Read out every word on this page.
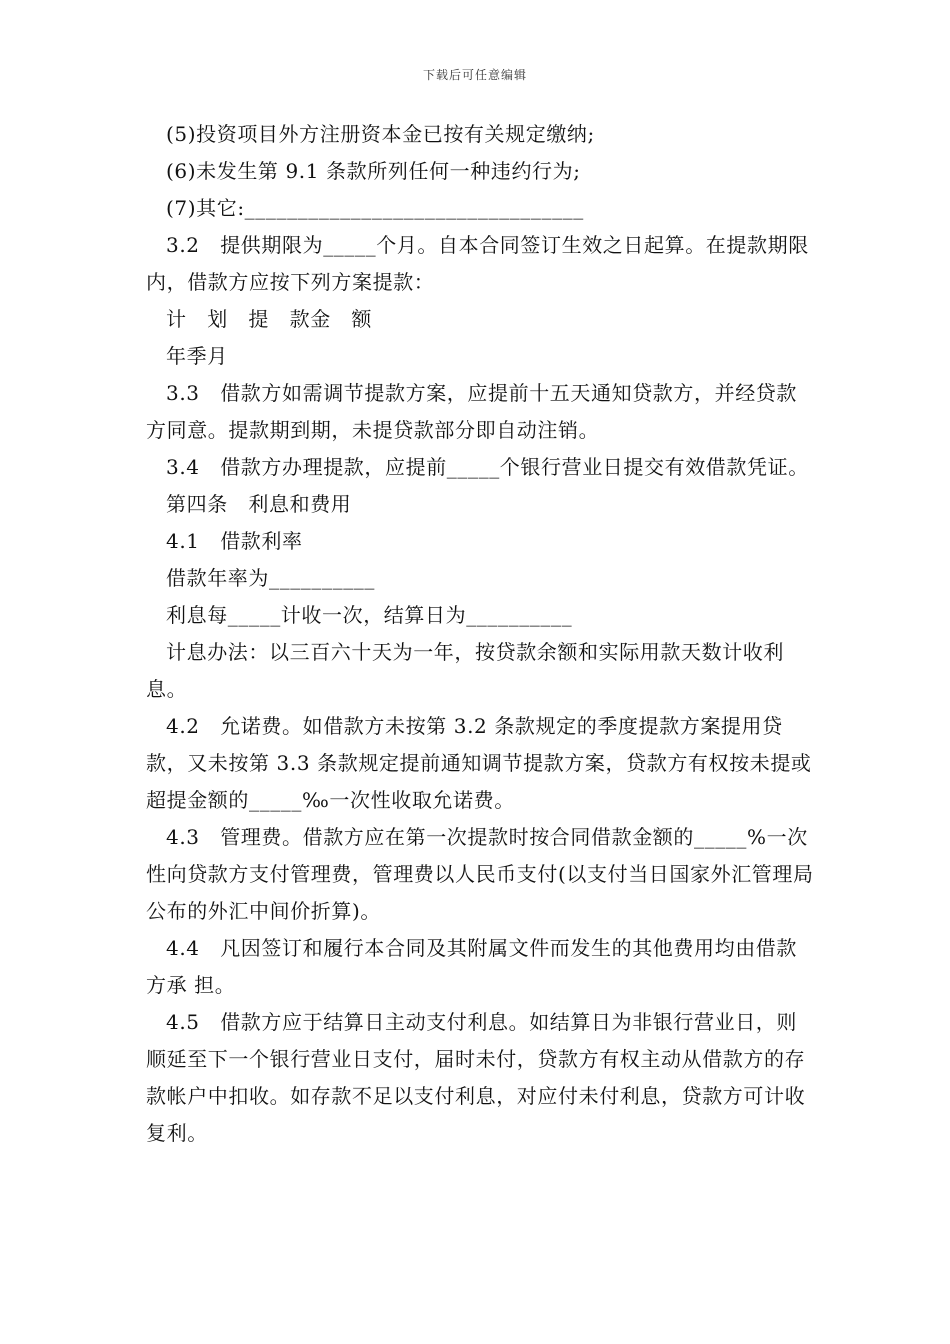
下载后可任意编辑

(5)投资项目外方注册资本金已按有关规定缴纳;

(6)未发生第 9.1 条款所列任何一种违约行为;

(7)其它:________________________________

3.2　提供期限为_____个月。自本合同签订生效之日起算。在提款期限内，借款方应按下列方案提款：

计　划　提　款金　额

年季月

3.3　借款方如需调节提款方案，应提前十五天通知贷款方，并经贷款方同意。提款期到期，未提贷款部分即自动注销。

3.4　借款方办理提款，应提前_____个银行营业日提交有效借款凭证。

第四条　利息和费用

4.1　借款利率

借款年率为__________

利息每_____计收一次，结算日为__________

计息办法：以三百六十天为一年，按贷款余额和实际用款天数计收利息。

4.2　允诺费。如借款方未按第 3.2 条款规定的季度提款方案提用贷款，又未按第 3.3 条款规定提前通知调节提款方案，贷款方有权按未提或超提金额的_____‰一次性收取允诺费。

4.3　管理费。借款方应在第一次提款时按合同借款金额的_____%一次性向贷款方支付管理费，管理费以人民币支付(以支付当日国家外汇管理局公布的外汇中间价折算)。

4.4　凡因签订和履行本合同及其附属文件而发生的其他费用均由借款方承 担。

4.5　借款方应于结算日主动支付利息。如结算日为非银行营业日，则顺延至下一个银行营业日支付，届时未付，贷款方有权主动从借款方的存款帐户中扣收。如存款不足以支付利息，对应付未付利息，贷款方可计收复利。
